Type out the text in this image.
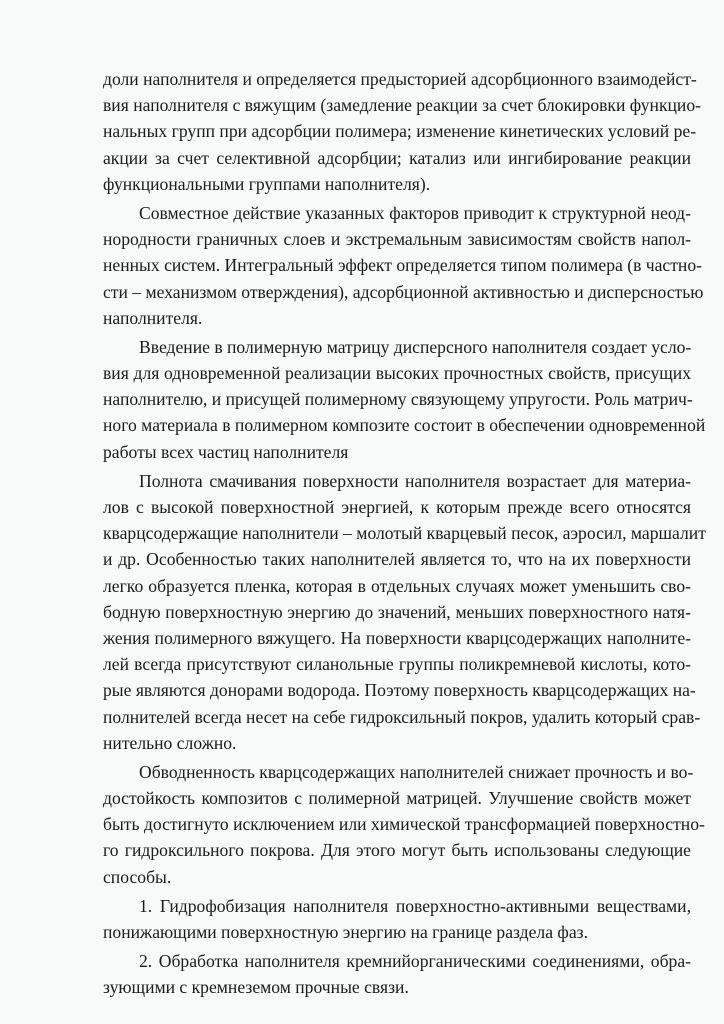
доли наполнителя и определяется предысторией адсорбционного взаимодейст-
вия наполнителя с вяжущим (замедление реакции за счет блокировки функцио-
нальных групп при адсорбции полимера; изменение кинетических условий ре-
акции за счет селективной адсорбции; катализ или ингибирование реакции
функциональными группами наполнителя).
Совместное действие указанных факторов приводит к структурной неод-
нородности граничных слоев и экстремальным зависимостям свойств напол-
ненных систем. Интегральный эффект определяется типом полимера (в частно-
сти – механизмом отверждения), адсорбционной активностью и дисперсностью
наполнителя.
Введение в полимерную матрицу дисперсного наполнителя создает усло-
вия для одновременной реализации высоких прочностных свойств, присущих
наполнителю, и присущей полимерному связующему упругости. Роль матрич-
ного материала в полимерном композите состоит в обеспечении одновременной
работы всех частиц наполнителя
Полнота смачивания поверхности наполнителя возрастает для материа-
лов с высокой поверхностной энергией, к которым прежде всего относятся
кварцсодержащие наполнители – молотый кварцевый песок, аэросил, маршалит
и др. Особенностью таких наполнителей является то, что на их поверхности
легко образуется пленка, которая в отдельных случаях может уменьшить сво-
бодную поверхностную энергию до значений, меньших поверхностного натя-
жения полимерного вяжущего. На поверхности кварцсодержащих наполните-
лей всегда присутствуют силанольные группы поликремневой кислоты, кото-
рые являются донорами водорода. Поэтому поверхность кварцсодержащих на-
полнителей всегда несет на себе гидроксильный покров, удалить который срав-
нительно сложно.
Обводненность кварцсодержащих наполнителей снижает прочность и во-
достойкость композитов с полимерной матрицей. Улучшение свойств может
быть достигнуто исключением или химической трансформацией поверхностно-
го гидроксильного покрова. Для этого могут быть использованы следующие
способы.
1. Гидрофобизация наполнителя поверхностно-активными веществами,
понижающими поверхностную энергию на границе раздела фаз.
2. Обработка наполнителя кремнийорганическими соединениями, обра-
зующими с кремнеземом прочные связи.
